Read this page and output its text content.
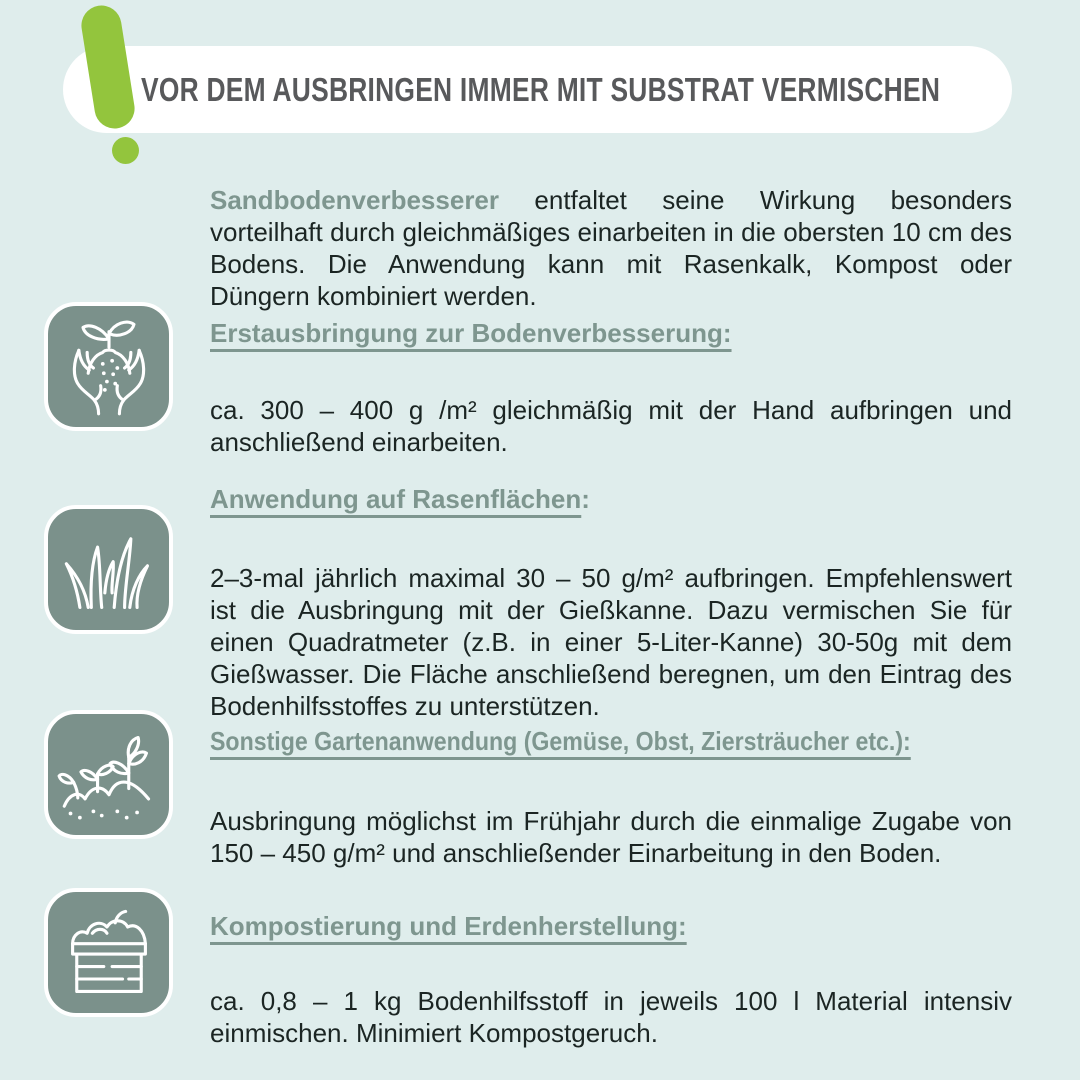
VOR DEM AUSBRINGEN IMMER MIT SUBSTRAT VERMISCHEN

Sandbodenverbesserer entfaltet seine Wirkung besonders vorteilhaft durch gleichmäßiges einarbeiten in die obersten 10 cm des Bodens. Die Anwendung kann mit Rasenkalk, Kompost oder Düngern kombiniert werden.

Erstausbringung zur Bodenverbesserung:

ca. 300 – 400 g /m² gleichmäßig mit der Hand aufbringen und anschließend einarbeiten.

Anwendung auf Rasenflächen:

2–3-mal jährlich maximal 30 – 50 g/m² aufbringen. Empfehlenswert ist die Ausbringung mit der Gießkanne. Dazu vermischen Sie für einen Quadratmeter (z.B. in einer 5-Liter-Kanne) 30-50g mit dem Gießwasser. Die Fläche anschließend beregnen, um den Eintrag des Bodenhilfsstoffes zu unterstützen.

Sonstige Gartenanwendung (Gemüse, Obst, Ziersträucher etc.):

Ausbringung möglichst im Frühjahr durch die einmalige Zugabe von 150 – 450 g/m² und anschließender Einarbeitung in den Boden.

Kompostierung und Erdenherstellung:

ca. 0,8 – 1 kg Bodenhilfsstoff in jeweils 100 l Material intensiv einmischen. Minimiert Kompostgeruch.
